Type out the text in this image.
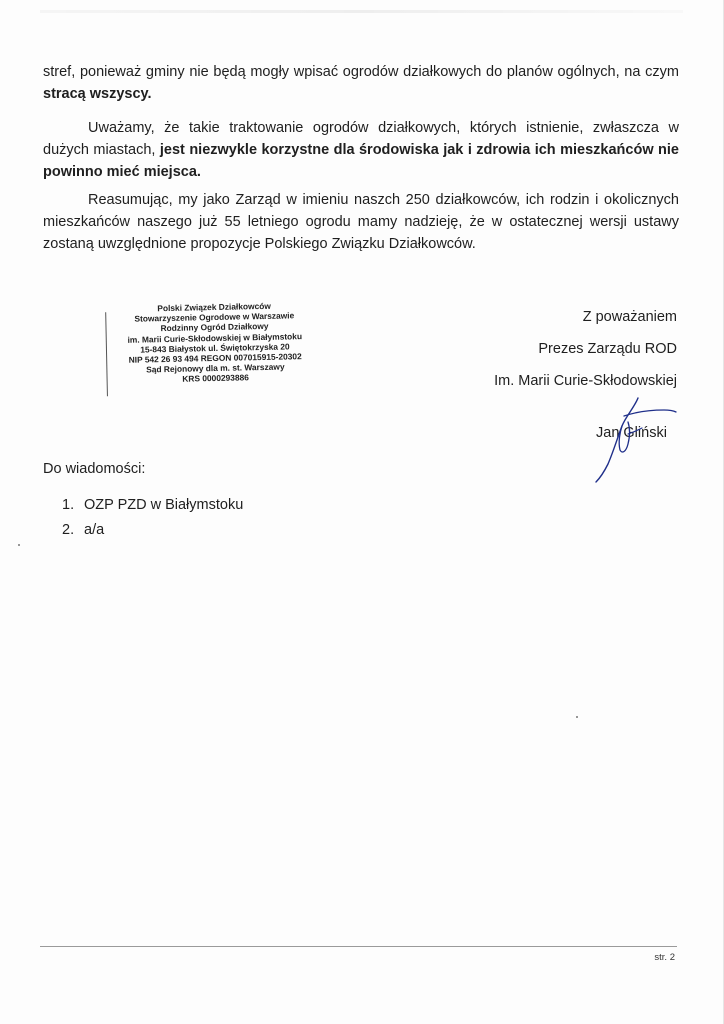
stref, ponieważ gminy nie będą mogły wpisać ogrodów działkowych do planów ogólnych, na czym stracą wszyscy.

Uważamy, że takie traktowanie ogrodów działkowych, których istnienie, zwłaszcza w dużych miastach, jest niezwykle korzystne dla środowiska jak i zdrowia ich mieszkańców nie powinno mieć miejsca.

Reasumując, my jako Zarząd w imieniu naszch 250 działkowców, ich rodzin i okolicznych mieszkańców naszego już 55 letniego ogrodu mamy nadzieję, że w ostatecznej wersji ustawy zostaną uwzględnione propozycje Polskiego Związku Działkowców.

Polski Związek Działkowców
Stowarzyszenie Ogrodowe w Warszawie
Rodzinny Ogród Działkowy
im. Marii Curie-Skłodowskiej w Białymstoku
15-843 Białystok ul. Świętokrzyska 20
NIP 542 26 93 494 REGON 007015915-20302
Sąd Rejonowy dla m. st. Warszawy
KRS 0000293886
Z poważaniem
Prezes Zarządu ROD
Im. Marii Curie-Skłodowskiej
Jan Gliński
Do wiadomości:
1. OZP PZD w Białymstoku
2. a/a
str. 2
